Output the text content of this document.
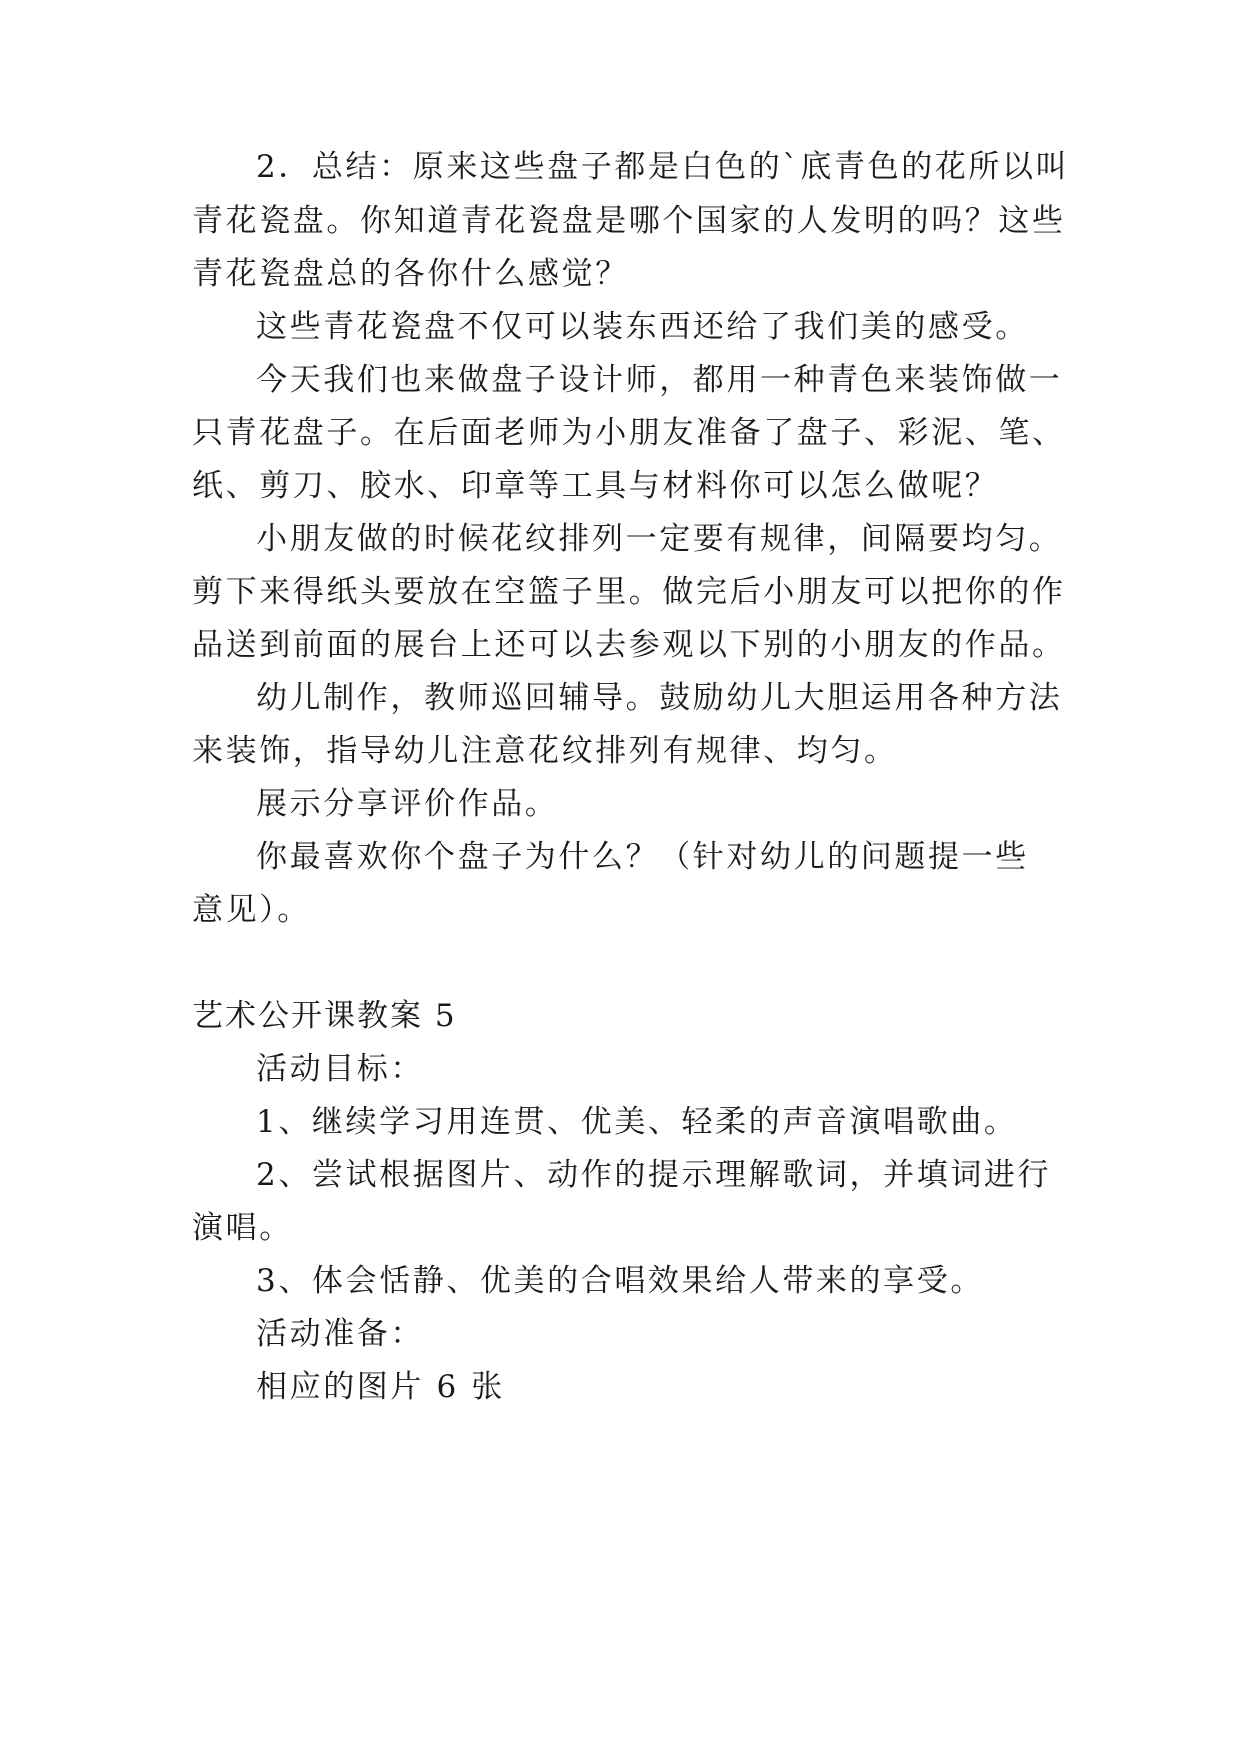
2．总结：原来这些盘子都是白色的`底青色的花所以叫
青花瓷盘。你知道青花瓷盘是哪个国家的人发明的吗？这些
青花瓷盘总的各你什么感觉？
这些青花瓷盘不仅可以装东西还给了我们美的感受。
今天我们也来做盘子设计师，都用一种青色来装饰做一
只青花盘子。在后面老师为小朋友准备了盘子、彩泥、笔、
纸、剪刀、胶水、印章等工具与材料你可以怎么做呢？
小朋友做的时候花纹排列一定要有规律，间隔要均匀。
剪下来得纸头要放在空篮子里。做完后小朋友可以把你的作
品送到前面的展台上还可以去参观以下别的小朋友的作品。
幼儿制作，教师巡回辅导。鼓励幼儿大胆运用各种方法
来装饰，指导幼儿注意花纹排列有规律、均匀。
展示分享评价作品。
你最喜欢你个盘子为什么？（针对幼儿的问题提一些
意见）。
艺术公开课教案 5
活动目标：
1、继续学习用连贯、优美、轻柔的声音演唱歌曲。
2、尝试根据图片、动作的提示理解歌词，并填词进行
演唱。
3、体会恬静、优美的合唱效果给人带来的享受。
活动准备：
相应的图片 6 张
